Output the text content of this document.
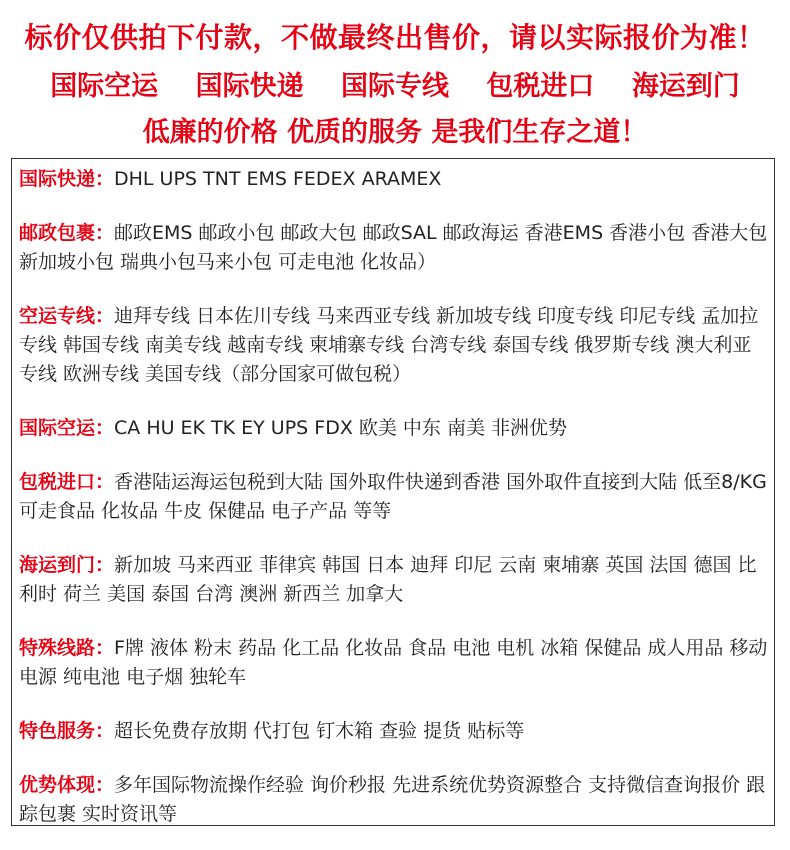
标价仅供拍下付款，不做最终出售价，请以实际报价为准！
国际空运 国际快递 国际专线 包税进口 海运到门
低廉的价格 优质的服务 是我们生存之道！
国际快递：DHL UPS TNT EMS FEDEX ARAMEX
邮政包裹：邮政EMS 邮政小包 邮政大包 邮政SAL 邮政海运 香港EMS 香港小包 香港大包 新加坡小包 瑞典小包马来小包 可走电池 化妆品）
空运专线：迪拜专线 日本佐川专线 马来西亚专线 新加坡专线 印度专线 印尼专线 孟加拉专线 韩国专线 南美专线 越南专线 柬埔寨专线 台湾专线 泰国专线 俄罗斯专线 澳大利亚专线 欧洲专线 美国专线（部分国家可做包税）
国际空运：CA HU EK TK EY UPS FDX 欧美 中东 南美 非洲优势
包税进口：香港陆运海运包税到大陆 国外取件快递到香港 国外取件直接到大陆 低至8/KG 可走食品 化妆品 牛皮 保健品 电子产品 等等
海运到门：新加坡 马来西亚 菲律宾 韩国 日本 迪拜 印尼 云南 柬埔寨 英国 法国 德国 比利时 荷兰 美国 泰国 台湾 澳洲 新西兰 加拿大
特殊线路：F牌 液体 粉末 药品 化工品 化妆品 食品 电池 电机 冰箱 保健品 成人用品 移动电源 纯电池 电子烟 独轮车
特色服务：超长免费存放期 代打包 钉木箱 查验 提货 贴标等
优势体现：多年国际物流操作经验 询价秒报 先进系统优势资源整合 支持微信查询报价 跟踪包裹 实时资讯等
